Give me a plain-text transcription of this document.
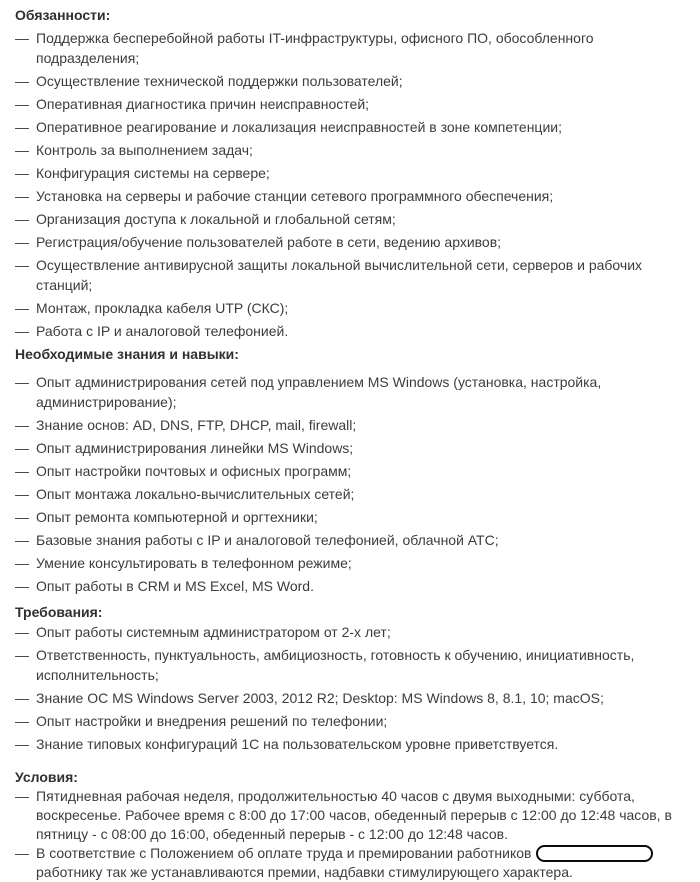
Обязанности:
— Поддержка бесперебойной работы IT-инфраструктуры, офисного ПО, обособленного подразделения;
— Осуществление технической поддержки пользователей;
— Оперативная диагностика причин неисправностей;
— Оперативное реагирование и локализация неисправностей в зоне компетенции;
— Контроль за выполнением задач;
— Конфигурация системы на сервере;
— Установка на серверы и рабочие станции сетевого программного обеспечения;
— Организация доступа к локальной и глобальной сетям;
— Регистрация/обучение пользователей работе в сети, ведению архивов;
— Осуществление антивирусной защиты локальной вычислительной сети, серверов и рабочих станций;
— Монтаж, прокладка кабеля UTP (СКС);
— Работа с IP и аналоговой телефонией.
Необходимые знания и навыки:
— Опыт администрирования сетей под управлением MS Windows (установка, настройка, администрирование);
— Знание основ: AD, DNS, FTP, DHCP, mail, firewall;
— Опыт администрирования линейки MS Windows;
— Опыт настройки почтовых и офисных программ;
— Опыт монтажа локально-вычислительных сетей;
— Опыт ремонта компьютерной и оргтехники;
— Базовые знания работы с IP и аналоговой телефонией, облачной АТС;
— Умение консультировать в телефонном режиме;
— Опыт работы в CRM и MS Excel, MS Word.
Требования:
— Опыт работы системным администратором от 2-х лет;
— Ответственность, пунктуальность, амбициозность, готовность к обучению, инициативность, исполнительность;
— Знание ОС MS Windows Server 2003, 2012 R2; Desktop: MS Windows 8, 8.1, 10; macOS;
— Опыт настройки и внедрения решений по телефонии;
— Знание типовых конфигураций 1С на пользовательском уровне приветствуется.
Условия:
— Пятидневная рабочая неделя, продолжительностью 40 часов с двумя выходными: суббота, воскресенье. Рабочее время с 8:00 до 17:00 часов, обеденный перерыв с 12:00 до 12:48 часов, в пятницу - с 08:00 до 16:00, обеденный перерыв - с 12:00 до 12:48 часов.
— В соответствие с Положением об оплате труда и премировании работников  работнику так же устанавливаются премии, надбавки стимулирующего характера.
